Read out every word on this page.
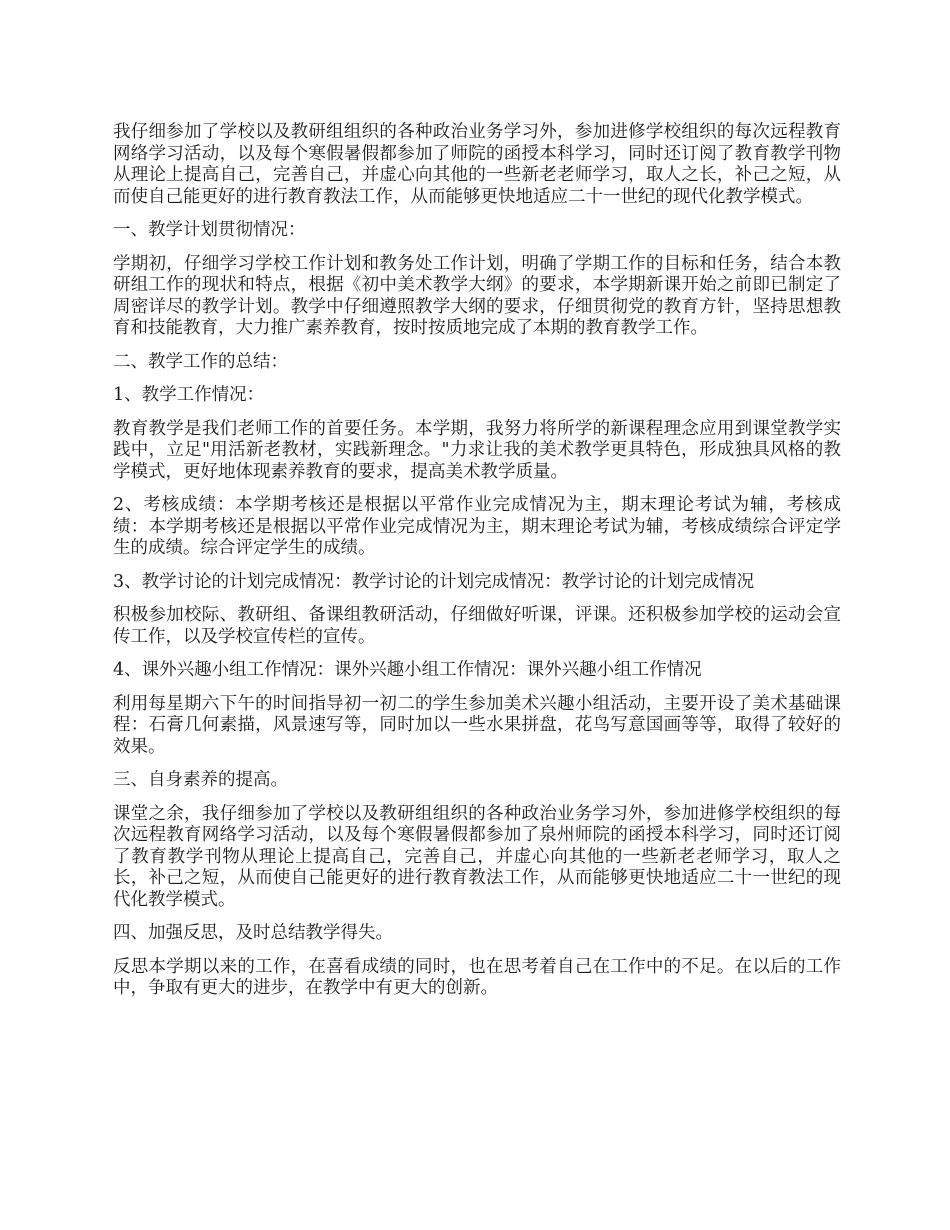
我仔细参加了学校以及教研组组织的各种政治业务学习外，参加进修学校组织的每次远程教育网络学习活动，以及每个寒假暑假都参加了师院的函授本科学习，同时还订阅了教育教学刊物从理论上提高自己，完善自己，并虚心向其他的一些新老老师学习，取人之长，补己之短，从而使自己能更好的进行教育教法工作，从而能够更快地适应二十一世纪的现代化教学模式。

一、教学计划贯彻情况：

学期初，仔细学习学校工作计划和教务处工作计划，明确了学期工作的目标和任务，结合本教研组工作的现状和特点，根据《初中美术教学大纲》的要求，本学期新课开始之前即已制定了周密详尽的教学计划。教学中仔细遵照教学大纲的要求，仔细贯彻党的教育方针，坚持思想教育和技能教育，大力推广素养教育，按时按质地完成了本期的教育教学工作。

二、教学工作的总结：

1、教学工作情况：

教育教学是我们老师工作的首要任务。本学期，我努力将所学的新课程理念应用到课堂教学实践中，立足"用活新老教材，实践新理念。"力求让我的美术教学更具特色，形成独具风格的教学模式，更好地体现素养教育的要求，提高美术教学质量。

2、考核成绩：本学期考核还是根据以平常作业完成情况为主，期末理论考试为辅，考核成绩：本学期考核还是根据以平常作业完成情况为主，期末理论考试为辅，考核成绩综合评定学生的成绩。综合评定学生的成绩。

3、教学讨论的计划完成情况：教学讨论的计划完成情况：教学讨论的计划完成情况

积极参加校际、教研组、备课组教研活动，仔细做好听课，评课。还积极参加学校的运动会宣传工作，以及学校宣传栏的宣传。

4、课外兴趣小组工作情况：课外兴趣小组工作情况：课外兴趣小组工作情况

利用每星期六下午的时间指导初一初二的学生参加美术兴趣小组活动，主要开设了美术基础课程：石膏几何素描，风景速写等，同时加以一些水果拼盘，花鸟写意国画等等，取得了较好的效果。

三、自身素养的提高。

课堂之余，我仔细参加了学校以及教研组组织的各种政治业务学习外，参加进修学校组织的每次远程教育网络学习活动，以及每个寒假暑假都参加了泉州师院的函授本科学习，同时还订阅了教育教学刊物从理论上提高自己，完善自己，并虚心向其他的一些新老老师学习，取人之长，补己之短，从而使自己能更好的进行教育教法工作，从而能够更快地适应二十一世纪的现代化教学模式。

四、加强反思，及时总结教学得失。

反思本学期以来的工作，在喜看成绩的同时，也在思考着自己在工作中的不足。在以后的工作中，争取有更大的进步，在教学中有更大的创新。
